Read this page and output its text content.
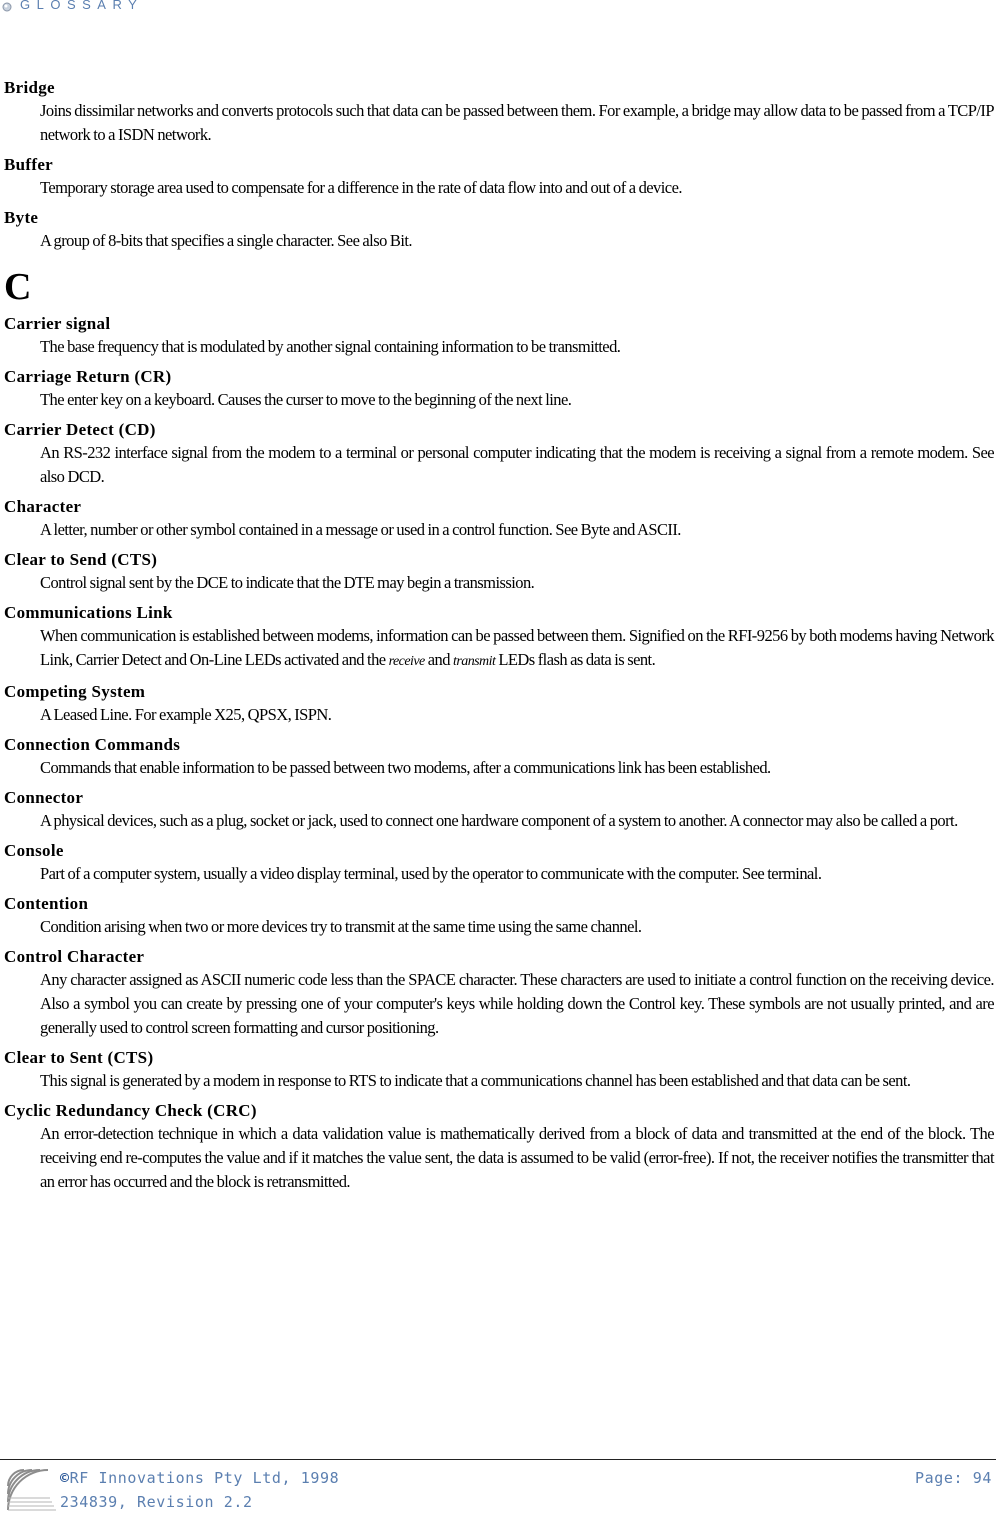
GLOSSARY
Bridge
Joins dissimilar networks and converts protocols such that data can be passed between them. For example, a bridge may allow data to be passed from a TCP/IP network to a ISDN network.
Buffer
Temporary storage area used to compensate for a difference in the rate of data flow into and out of a device.
Byte
A group of 8-bits that specifies a single character. See also Bit.
C
Carrier signal
The base frequency that is modulated by another signal containing information to be transmitted.
Carriage Return (CR)
The enter key on a keyboard. Causes the curser to move to the beginning of the next line.
Carrier Detect (CD)
An RS-232 interface signal from the modem to a terminal or personal computer indicating that the modem is receiving a signal from a remote modem. See also DCD.
Character
A letter, number or other symbol contained in a message or used in a control function. See Byte and ASCII.
Clear to Send (CTS)
Control signal sent by the DCE to indicate that the DTE may begin a transmission.
Communications Link
When communication is established between modems, information can be passed between them. Signified on the RFI-9256 by both modems having Network Link, Carrier Detect and On-Line LEDs activated and the receive and transmit LEDs flash as data is sent.
Competing System
A Leased Line. For example X25, QPSX, ISPN.
Connection Commands
Commands that enable information to be passed between two modems, after a communications link has been established.
Connector
A physical devices, such as a plug, socket or jack, used to connect one hardware component of a system to another. A connector may also be called a port.
Console
Part of a computer system, usually a video display terminal, used by the operator to communicate with the computer. See terminal.
Contention
Condition arising when two or more devices try to transmit at the same time using the same channel.
Control Character
Any character assigned as ASCII numeric code less than the SPACE character. These characters are used to initiate a control function on the receiving device. Also a symbol you can create by pressing one of your computer's keys while holding down the Control key. These symbols are not usually printed, and are generally used to control screen formatting and cursor positioning.
Clear to Sent (CTS)
This signal is generated by a modem in response to RTS to indicate that a communications channel has been established and that data can be sent.
Cyclic Redundancy Check (CRC)
An error-detection technique in which a data validation value is mathematically derived from a block of data and transmitted at the end of the block. The receiving end re-computes the value and if it matches the value sent, the data is assumed to be valid (error-free). If not, the receiver notifies the transmitter that an error has occurred and the block is retransmitted.
©RF Innovations Pty Ltd, 1998
234839, Revision 2.2
Page: 94
